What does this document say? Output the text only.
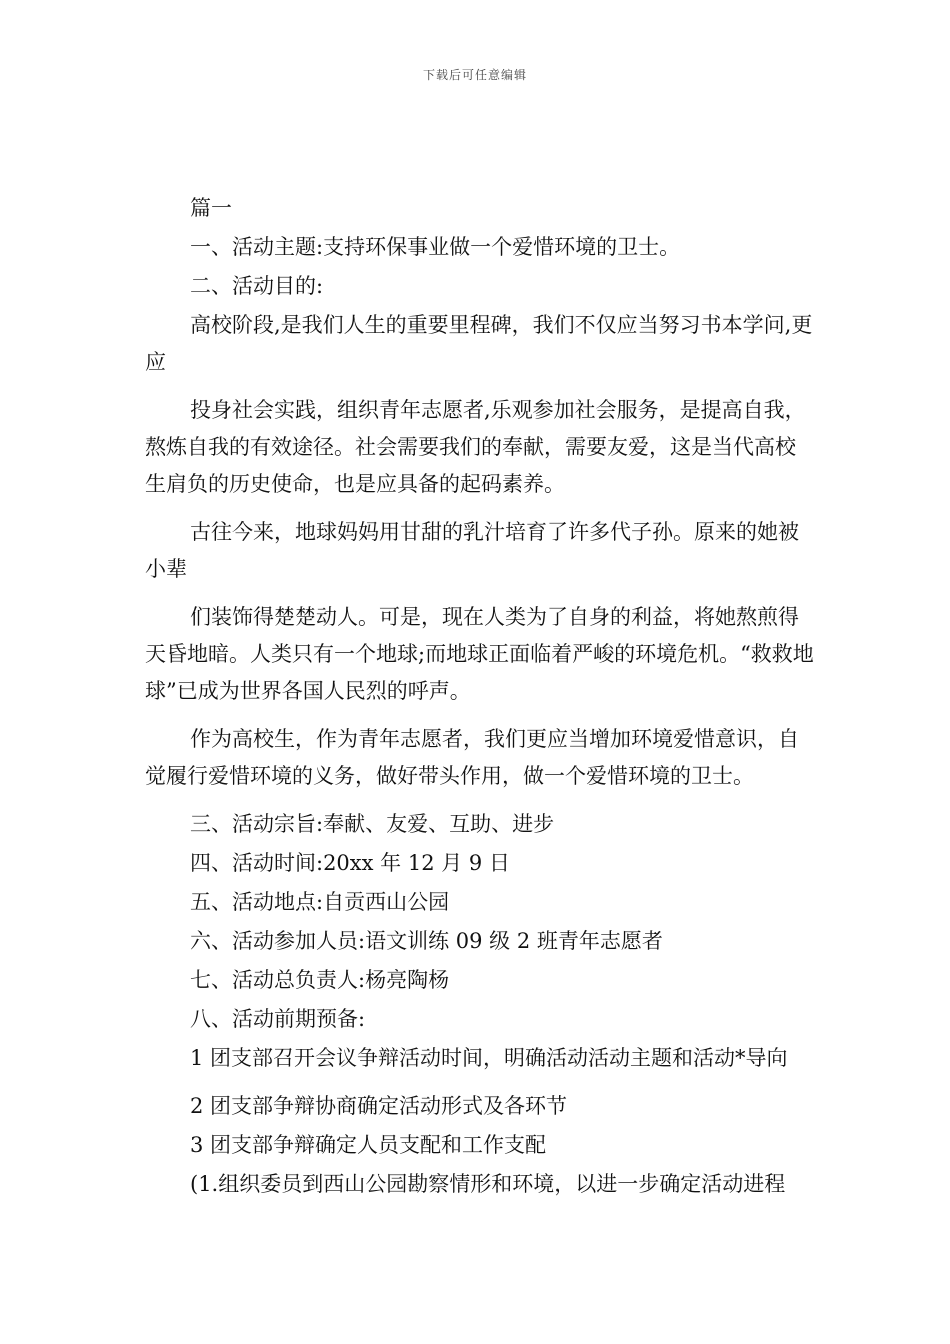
下载后可任意编辑

篇一

一、活动主题:支持环保事业做一个爱惜环境的卫士。

二、活动目的:

高校阶段,是我们人生的重要里程碑，我们不仅应当努习书本学问,更应

投身社会实践，组织青年志愿者,乐观参加社会服务，是提高自我，熬炼自我的有效途径。社会需要我们的奉献，需要友爱，这是当代高校生肩负的历史使命，也是应具备的起码素养。

古往今来，地球妈妈用甘甜的乳汁培育了许多代子孙。原来的她被小辈

们装饰得楚楚动人。可是，现在人类为了自身的利益，将她熬煎得天昏地暗。人类只有一个地球;而地球正面临着严峻的环境危机。“救救地球”已成为世界各国人民烈的呼声。

作为高校生，作为青年志愿者，我们更应当增加环境爱惜意识，自觉履行爱惜环境的义务，做好带头作用，做一个爱惜环境的卫士。

三、活动宗旨:奉献、友爱、互助、进步

四、活动时间:20xx 年 12 月 9 日

五、活动地点:自贡西山公园

六、活动参加人员:语文训练 09 级 2 班青年志愿者

七、活动总负责人:杨亮陶杨

八、活动前期预备:

1 团支部召开会议争辩活动时间，明确活动活动主题和活动*导向

2 团支部争辩协商确定活动形式及各环节

3 团支部争辩确定人员支配和工作支配

(1.组织委员到西山公园勘察情形和环境，以进一步确定活动进程
